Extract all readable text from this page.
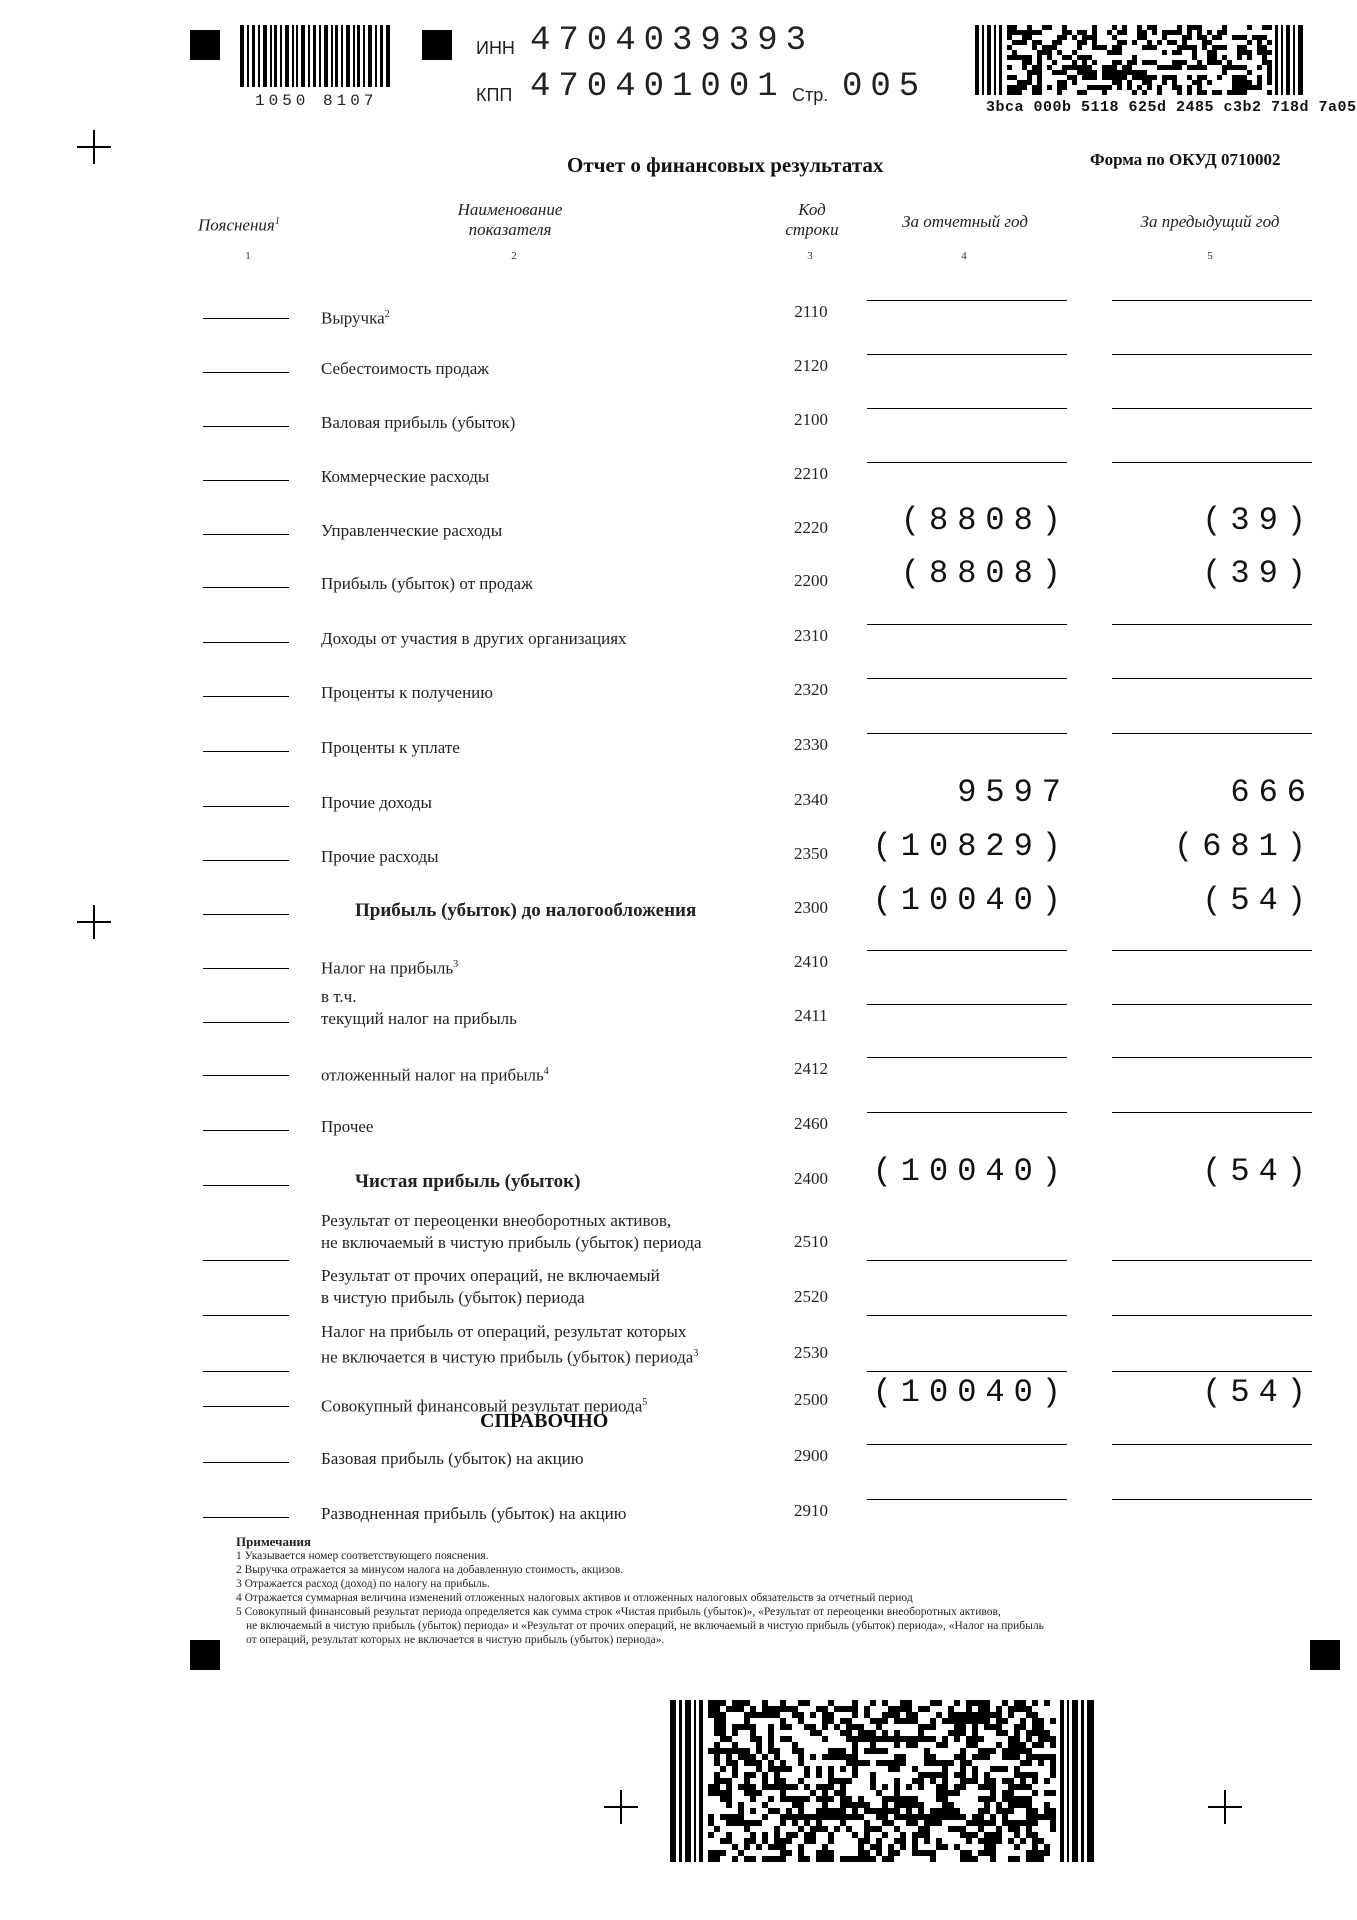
1050 8107
ИНН 4704039393
КПП 470401001 Стр. 005
3bca 000b 5118 625d 2485 c3b2 718d 7a05
Отчет о финансовых результатах	Форма по ОКУД 0710002
Пояснения$^1$
Наименование
показателя
Код
строки	За отчетный год	За предыдущий год
1	2	3	4	5
Выручка$^2$	2110
Себестоимость продаж	2120
Валовая прибыль (убыток)	2100
Коммерческие расходы	2210
Управленческие расходы	2220	(8808)	(39)
Прибыль (убыток) от продаж	2200	(8808)	(39)
Доходы от участия в других организациях	2310
Проценты к получению	2320
Проценты к уплате	2330
Прочие доходы	2340	9597	666
Прочие расходы	2350	(10829)	(681)
Прибыль (убыток) до налогообложения	2300	(10040)	(54)
Налог на прибыль$^3$	2410
в т.ч.
текущий налог на прибыль	2411
отложенный налог на прибыль$^4$	2412
Прочее	2460
Чистая прибыль (убыток)	2400	(10040)	(54)
Результат от переоценки внеоборотных активов,
не включаемый в чистую прибыль (убыток) периода	2510
Результат от прочих операций, не включаемый
в чистую прибыль (убыток) периода	2520
Налог на прибыль от операций, результат которых
не включается в чистую прибыль (убыток) периода$^3$	2530
Совокупный финансовый результат периода$^5$	2500	(10040)	(54)
Базовая прибыль (убыток) на акцию	2900
Разводненная прибыль (убыток) на акцию	2910
СПРАВОЧНО
Примечания
1 Указывается номер соответствующего пояснения.
2 Выручка отражается за минусом налога на добавленную стоимость, акцизов.
3 Отражается расход (доход) по налогу на прибыль.
4 Отражается суммарная величина изменений отложенных налоговых активов и отложенных налоговых обязательств за отчетный период
5 Совокупный финансовый результат периода определяется как сумма строк «Чистая прибыль (убыток)», «Результат от переоценки внеоборотных активов,
не включаемый в чистую прибыль (убыток) периода» и «Результат от прочих операций, не включаемый в чистую прибыль (убыток) периода», «Налог на прибыль
от операций, результат которых не включается в чистую прибыль (убыток) периода».
